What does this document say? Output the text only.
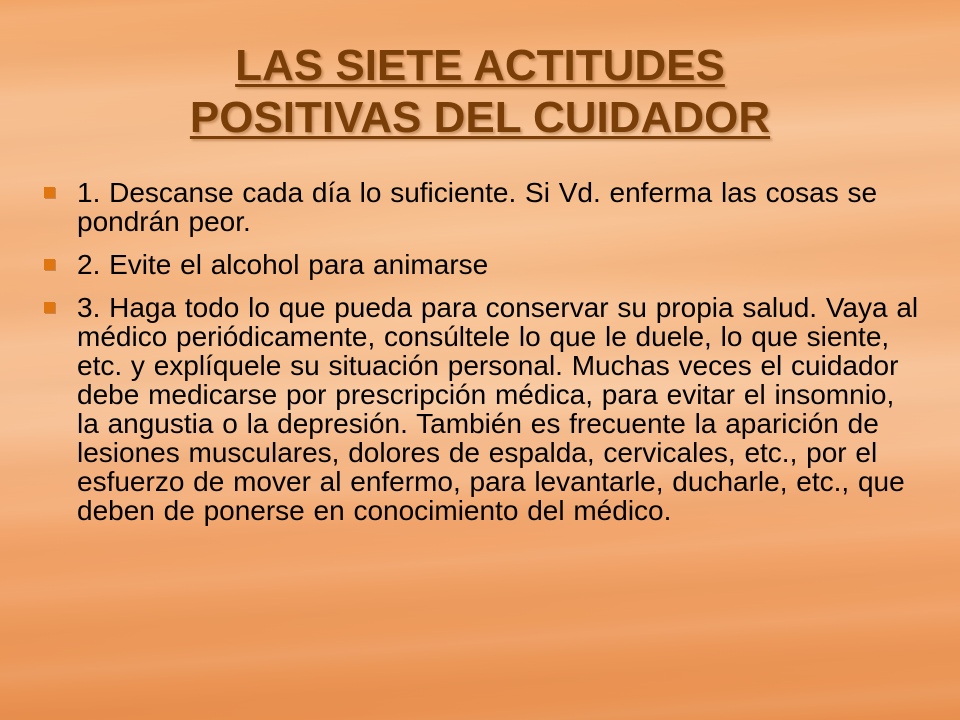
LAS SIETE ACTITUDES
POSITIVAS DEL CUIDADOR
1. Descanse cada día lo suficiente. Si Vd. enferma las cosas se pondrán peor.
2. Evite el alcohol para animarse
3. Haga todo lo que pueda para conservar su propia salud. Vaya al médico periódicamente, consúltele lo que le duele, lo que siente, etc. y explíquele su situación personal. Muchas veces el cuidador debe medicarse por prescripción médica, para evitar el insomnio, la angustia o la depresión. También es frecuente la aparición de lesiones musculares, dolores de espalda, cervicales, etc., por el esfuerzo de mover al enfermo, para levantarle, ducharle, etc., que deben de ponerse en conocimiento del médico.
